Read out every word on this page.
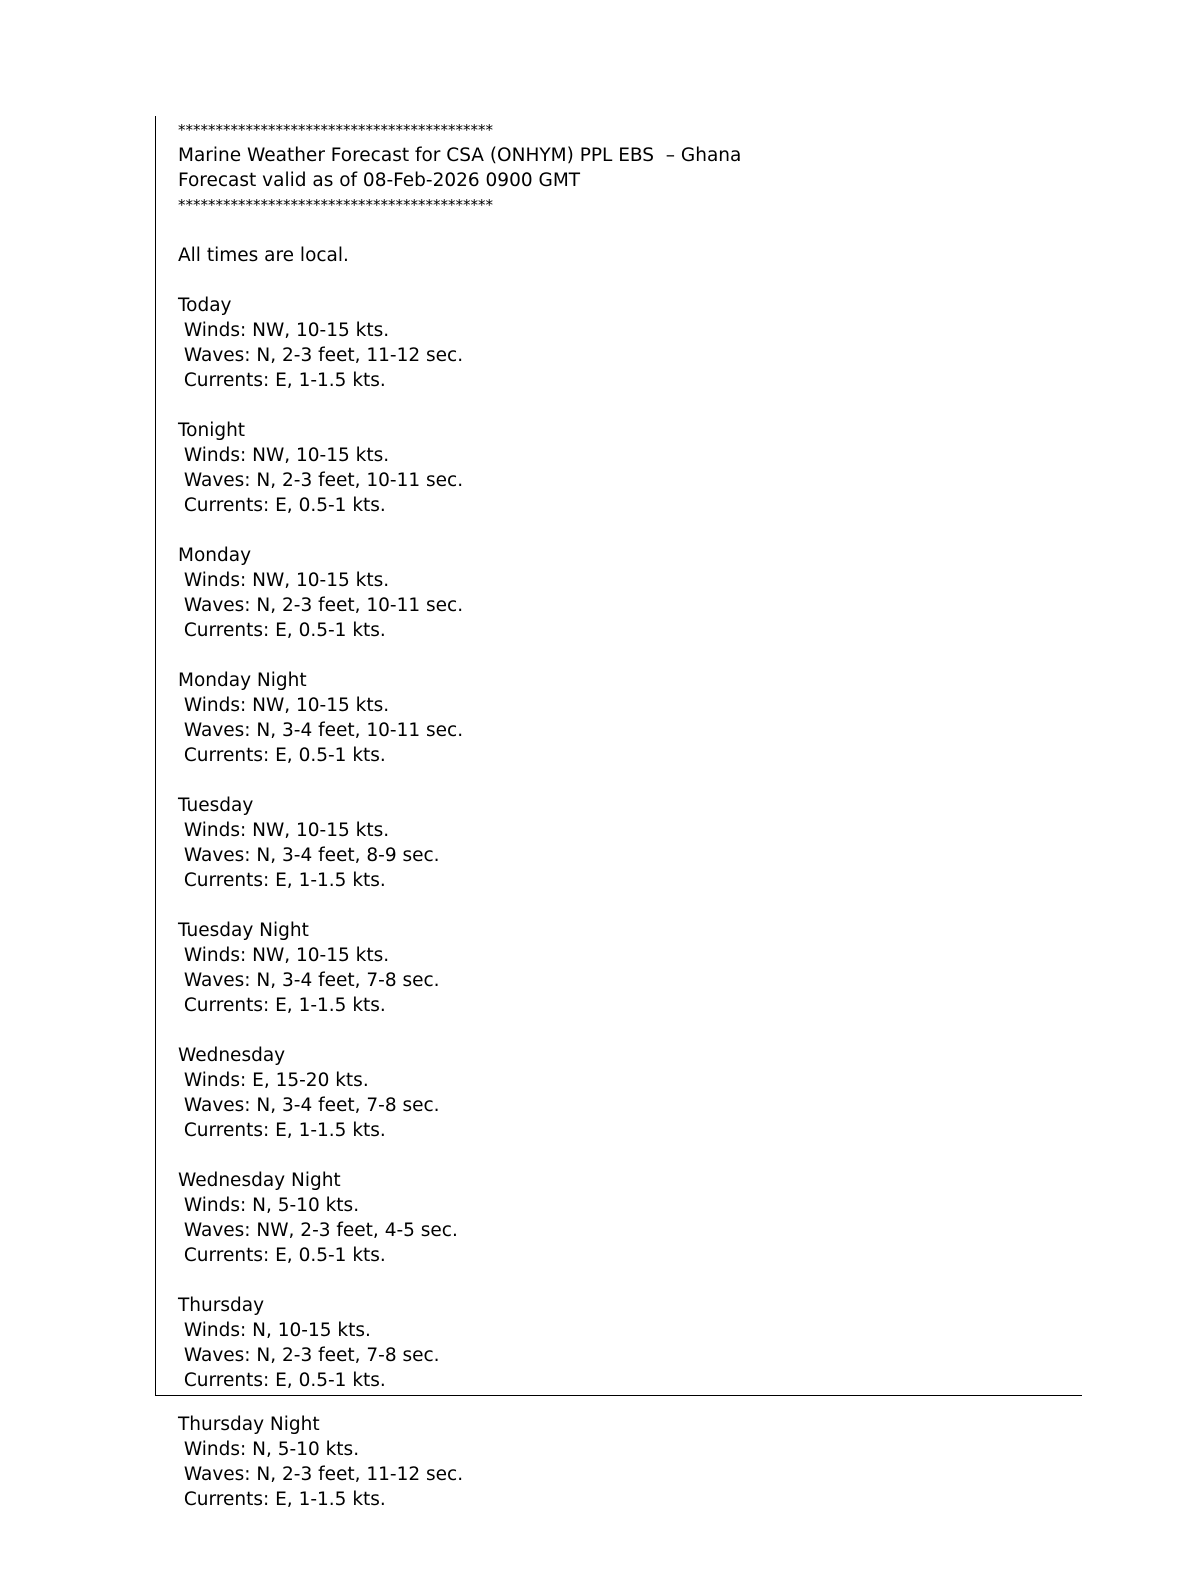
******************************************
Marine Weather Forecast for CSA (ONHYM) PPL EBS  – Ghana
Forecast valid as of 08-Feb-2026 0900 GMT
******************************************
All times are local.
Today
Winds: NW, 10-15 kts.
Waves: N, 2-3 feet, 11-12 sec.
Currents: E, 1-1.5 kts.
Tonight
Winds: NW, 10-15 kts.
Waves: N, 2-3 feet, 10-11 sec.
Currents: E, 0.5-1 kts.
Monday
Winds: NW, 10-15 kts.
Waves: N, 2-3 feet, 10-11 sec.
Currents: E, 0.5-1 kts.
Monday Night
Winds: NW, 10-15 kts.
Waves: N, 3-4 feet, 10-11 sec.
Currents: E, 0.5-1 kts.
Tuesday
Winds: NW, 10-15 kts.
Waves: N, 3-4 feet, 8-9 sec.
Currents: E, 1-1.5 kts.
Tuesday Night
Winds: NW, 10-15 kts.
Waves: N, 3-4 feet, 7-8 sec.
Currents: E, 1-1.5 kts.
Wednesday
Winds: E, 15-20 kts.
Waves: N, 3-4 feet, 7-8 sec.
Currents: E, 1-1.5 kts.
Wednesday Night
Winds: N, 5-10 kts.
Waves: NW, 2-3 feet, 4-5 sec.
Currents: E, 0.5-1 kts.
Thursday
Winds: N, 10-15 kts.
Waves: N, 2-3 feet, 7-8 sec.
Currents: E, 0.5-1 kts.
Thursday Night
Winds: N, 5-10 kts.
Waves: N, 2-3 feet, 11-12 sec.
Currents: E, 1-1.5 kts.
